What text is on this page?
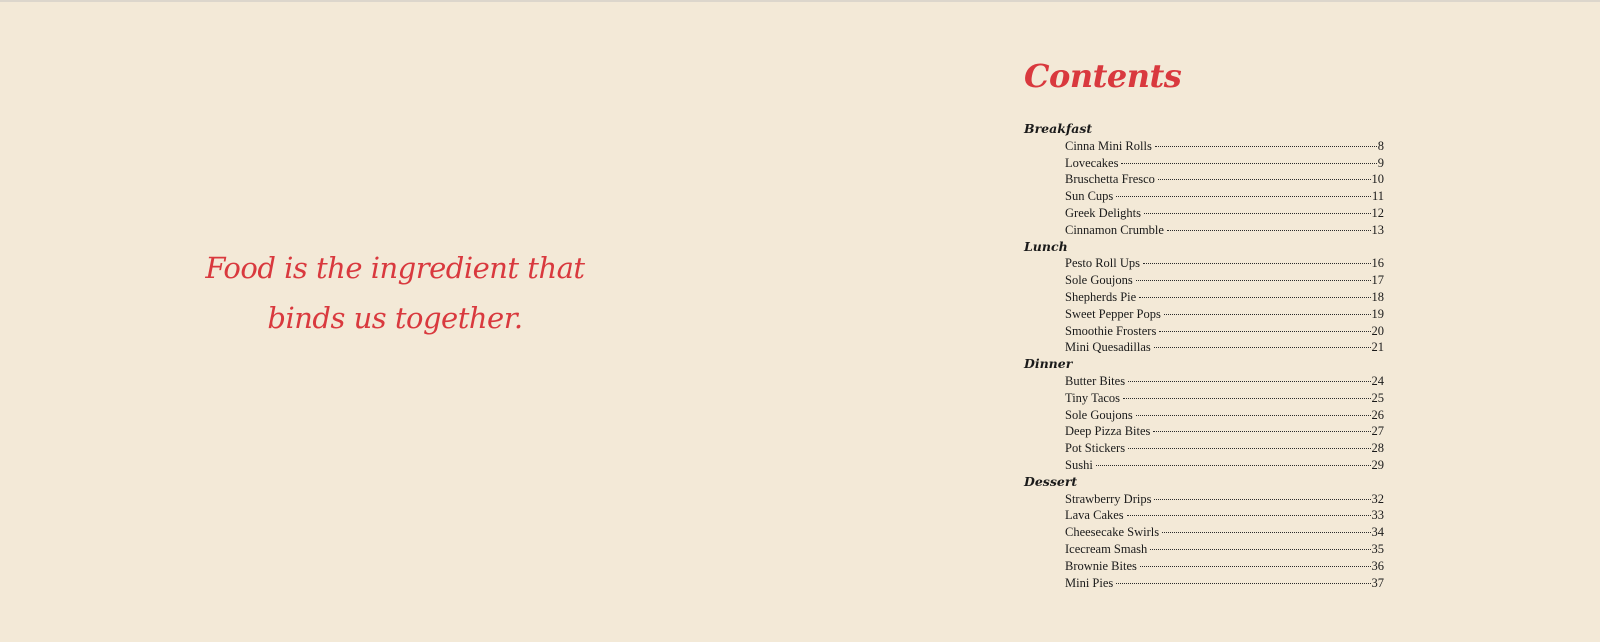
Food is the ingredient that
binds us together.

Contents
Breakfast
Cinna Mini Rolls	8
Lovecakes	9
Bruschetta Fresco	10
Sun Cups	11
Greek Delights	12
Cinnamon Crumble	13
Lunch
Pesto Roll Ups	16
Sole Goujons	17
Shepherds Pie	18
Sweet Pepper Pops	19
Smoothie Frosters	20
Mini Quesadillas	21
Dinner
Butter Bites	24
Tiny Tacos	25
Sole Goujons	26
Deep Pizza Bites	27
Pot Stickers	28
Sushi	29
Dessert
Strawberry Drips	32
Lava Cakes	33
Cheesecake Swirls	34
Icecream Smash	35
Brownie Bites	36
Mini Pies	37
